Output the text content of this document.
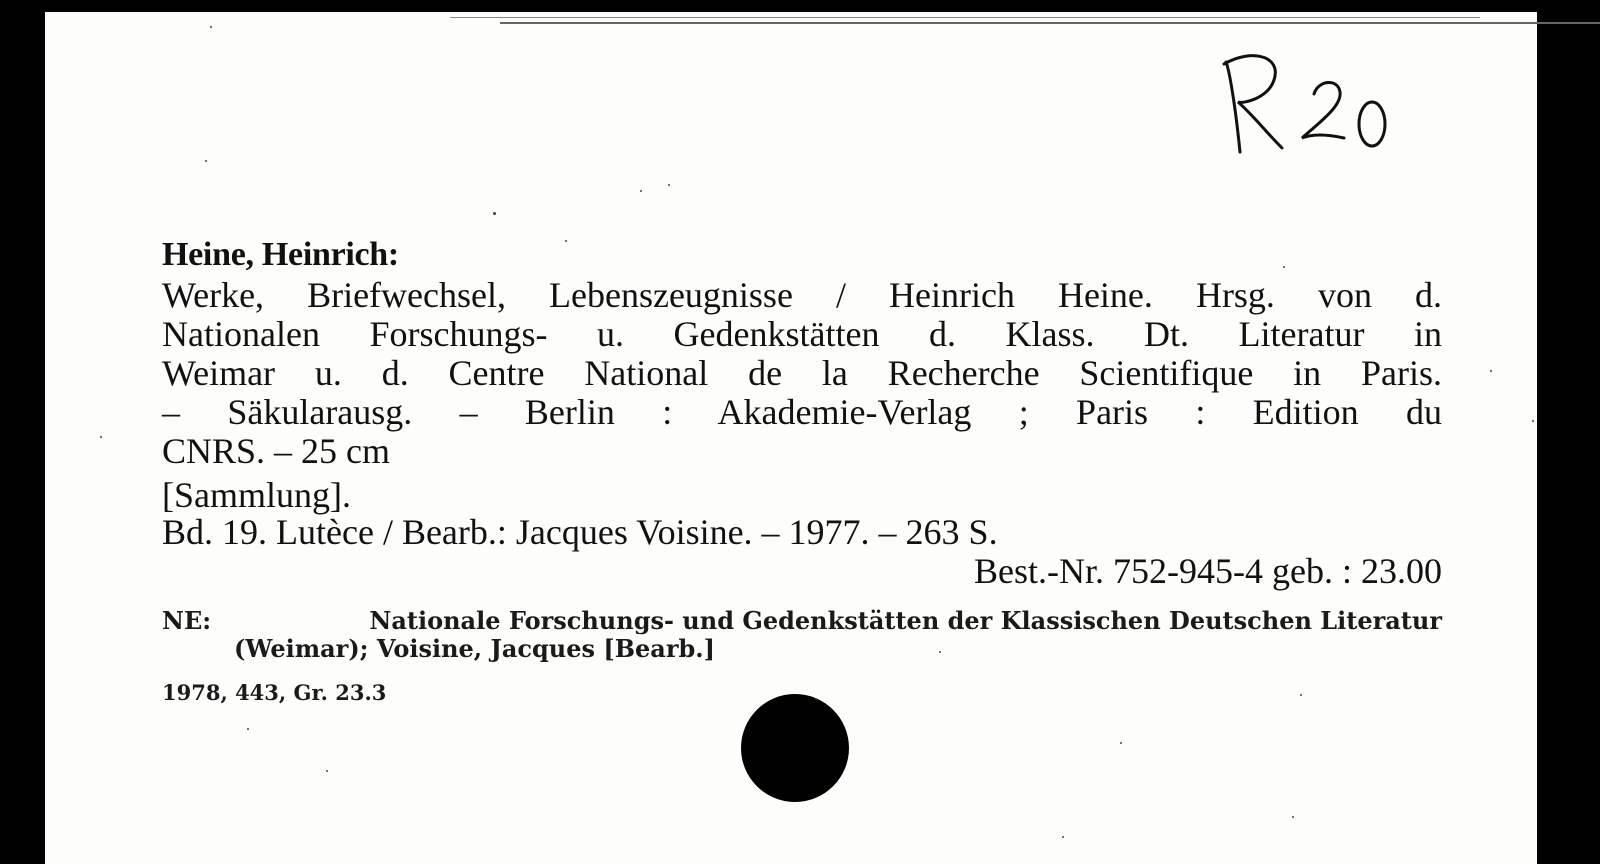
Heine, Heinrich:
Werke, Briefwechsel, Lebenszeugnisse / Heinrich Heine. Hrsg. von d.
Nationalen Forschungs- u. Gedenkstätten d. Klass. Dt. Literatur in
Weimar u. d. Centre National de la Recherche Scientifique in Paris.
– Säkularausg. – Berlin : Akademie-Verlag ; Paris : Edition du
CNRS. – 25 cm
[Sammlung].
Bd. 19. Lutèce / Bearb.: Jacques Voisine. – 1977. – 263 S.
Best.-Nr. 752-945-4 geb. : 23.00
NE:	Nationale Forschungs- und Gedenkstätten der Klassischen Deutschen Literatur
(Weimar); Voisine, Jacques [Bearb.]
1978, 443, Gr. 23.3
